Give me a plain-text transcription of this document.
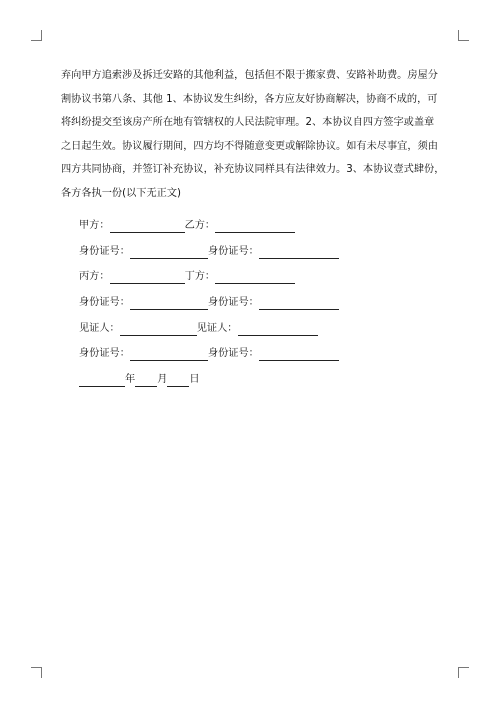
弃向甲方追索涉及拆迁安路的其他利益，包括但不限于搬家费、安路补助费。房屋分
割协议书第八条、其他 1、本协议发生纠纷，各方应友好协商解决，协商不成的，可
将纠纷提交至该房产所在地有管辖权的人民法院审理。2、本协议自四方签字或盖章
之日起生效。协议履行期间，四方均不得随意变更或解除协议。如有未尽事宜，须由
四方共同协商，并签订补充协议，补充协议同样具有法律效力。3、本协议壹式肆份，
各方各执一份(以下无正文)
甲方：	乙方：
身份证号：	身份证号：
丙方：	丁方：
身份证号：	身份证号：
见证人：	见证人：
身份证号：	身份证号：
年 月 日
